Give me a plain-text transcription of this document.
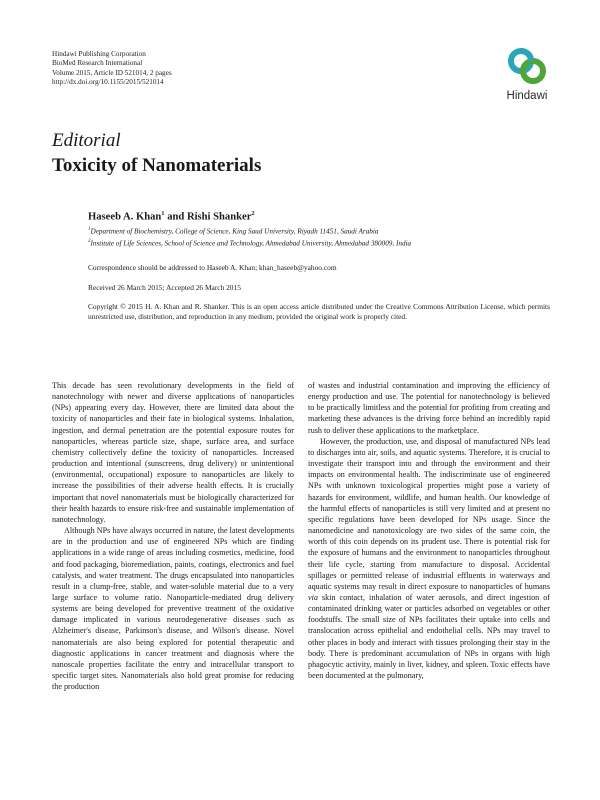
Hindawi Publishing Corporation
BioMed Research International
Volume 2015, Article ID 521014, 2 pages
http://dx.doi.org/10.1155/2015/521014
Hindawi
Editorial
Toxicity of Nanomaterials
Haseeb A. Khan$^1$ and Rishi Shanker$^2$
$^1$Department of Biochemistry, College of Science, King Saud University, Riyadh 11451, Saudi Arabia
$^2$Institute of Life Sciences, School of Science and Technology, Ahmedabad University, Ahmedabad 380009, India
Correspondence should be addressed to Haseeb A. Khan; khan_haseeb@yahoo.com
Received 26 March 2015; Accepted 26 March 2015
Copyright © 2015 H. A. Khan and R. Shanker. This is an open access article distributed under the Creative Commons Attribution License, which permits unrestricted use, distribution, and reproduction in any medium, provided the original work is properly cited.

This decade has seen revolutionary developments in the field of nanotechnology with newer and diverse applications of nanoparticles (NPs) appearing every day. However, there are limited data about the toxicity of nanoparticles and their fate in biological systems. Inhalation, ingestion, and dermal penetration are the potential exposure routes for nanoparticles, whereas particle size, shape, surface area, and surface chemistry collectively define the toxicity of nanoparticles. Increased production and intentional (sunscreens, drug delivery) or unintentional (environmental, occupational) exposure to nanoparticles are likely to increase the possibilities of their adverse health effects. It is crucially important that novel nanomaterials must be biologically characterized for their health hazards to ensure risk-free and sustainable implementation of nanotechnology.

Although NPs have always occurred in nature, the latest developments are in the production and use of engineered NPs which are finding applications in a wide range of areas including cosmetics, medicine, food and food packaging, bioremediation, paints, coatings, electronics and fuel catalysts, and water treatment. The drugs encapsulated into nanoparticles result in a clump-free, stable, and water-soluble material due to a very large surface to volume ratio. Nanoparticle-mediated drug delivery systems are being developed for preventive treatment of the oxidative damage implicated in various neurodegenerative diseases such as Alzheimer's disease, Parkinson's disease, and Wilson's disease. Novel nanomaterials are also being explored for potential therapeutic and diagnostic applications in cancer treatment and diagnosis where the nanoscale properties facilitate the entry and intracellular transport to specific target sites. Nanomaterials also hold great promise for reducing the production

of wastes and industrial contamination and improving the efficiency of energy production and use. The potential for nanotechnology is believed to be practically limitless and the potential for profiting from creating and marketing these advances is the driving force behind an incredibly rapid rush to deliver these applications to the marketplace.

However, the production, use, and disposal of manufactured NPs lead to discharges into air, soils, and aquatic systems. Therefore, it is crucial to investigate their transport into and through the environment and their impacts on environmental health. The indiscriminate use of engineered NPs with unknown toxicological properties might pose a variety of hazards for environment, wildlife, and human health. Our knowledge of the harmful effects of nanoparticles is still very limited and at present no specific regulations have been developed for NPs usage. Since the nanomedicine and nanotoxicology are two sides of the same coin, the worth of this coin depends on its prudent use. There is potential risk for the exposure of humans and the environment to nanoparticles throughout their life cycle, starting from manufacture to disposal. Accidental spillages or permitted release of industrial effluents in waterways and aquatic systems may result in direct exposure to nanoparticles of humans via skin contact, inhalation of water aerosols, and direct ingestion of contaminated drinking water or particles adsorbed on vegetables or other foodstuffs. The small size of NPs facilitates their uptake into cells and translocation across epithelial and endothelial cells. NPs may travel to other places in body and interact with tissues prolonging their stay in the body. There is predominant accumulation of NPs in organs with high phagocytic activity, mainly in liver, kidney, and spleen. Toxic effects have been documented at the pulmonary,
